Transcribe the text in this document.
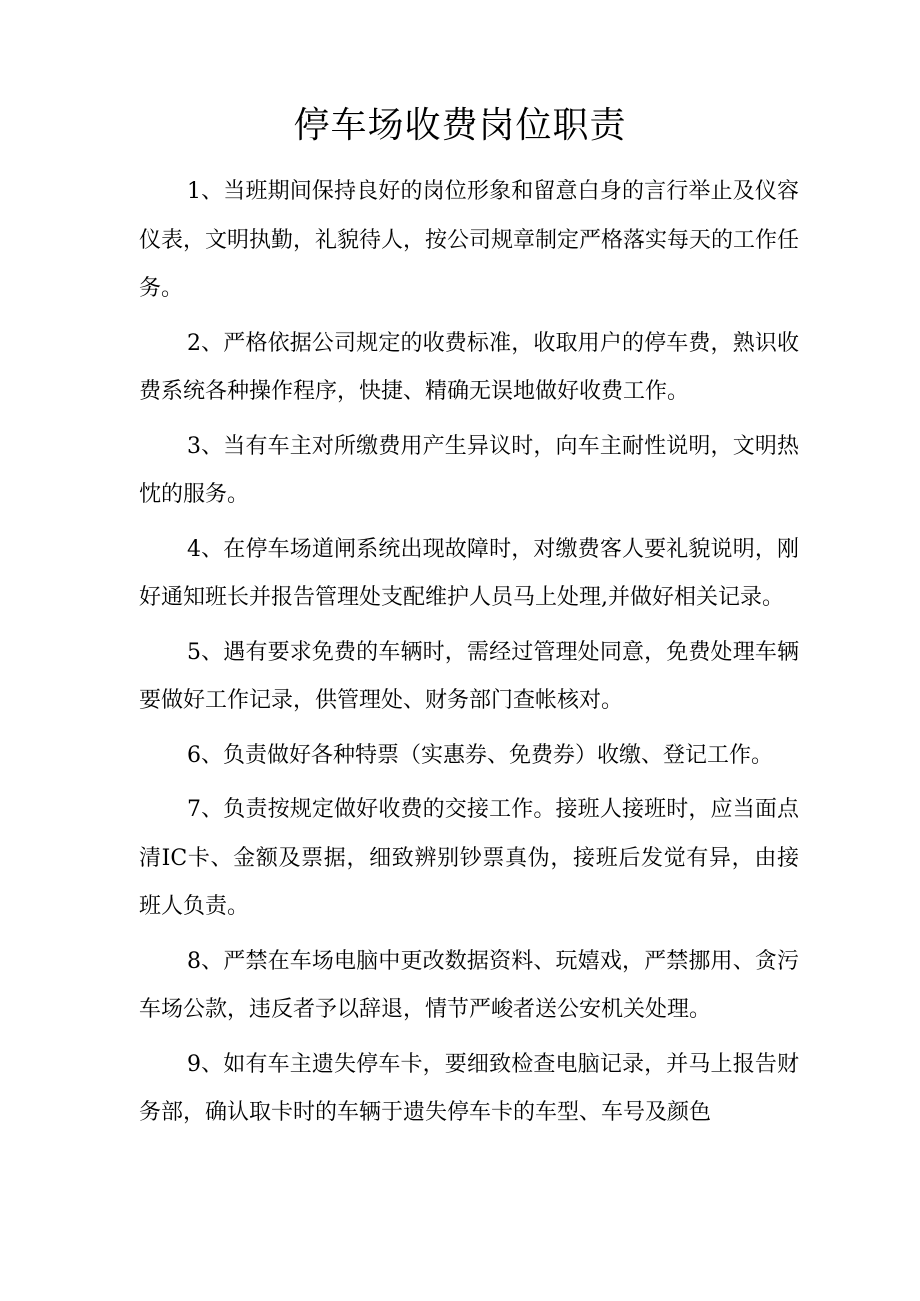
停车场收费岗位职责

1、当班期间保持良好的岗位形象和留意白身的言行举止及仪容仪表，文明执勤，礼貌待人，按公司规章制定严格落实每天的工作任务。

2、严格依据公司规定的收费标准，收取用户的停车费，熟识收费系统各种操作程序，快捷、精确无误地做好收费工作。

3、当有车主对所缴费用产生异议时，向车主耐性说明，文明热忱的服务。

4、在停车场道闸系统出现故障时，对缴费客人要礼貌说明，刚好通知班长并报告管理处支配维护人员马上处理,并做好相关记录。

5、遇有要求免费的车辆时，需经过管理处同意，免费处理车辆要做好工作记录，供管理处、财务部门查帐核对。

6、负责做好各种特票（实惠券、免费券）收缴、登记工作。

7、负责按规定做好收费的交接工作。接班人接班时，应当面点清IC卡、金额及票据，细致辨别钞票真伪，接班后发觉有异，由接班人负责。

8、严禁在车场电脑中更改数据资料、玩嬉戏，严禁挪用、贪污车场公款，违反者予以辞退，情节严峻者送公安机关处理。

9、如有车主遗失停车卡，要细致检查电脑记录，并马上报告财务部，确认取卡时的车辆于遗失停车卡的车型、车号及颜色
